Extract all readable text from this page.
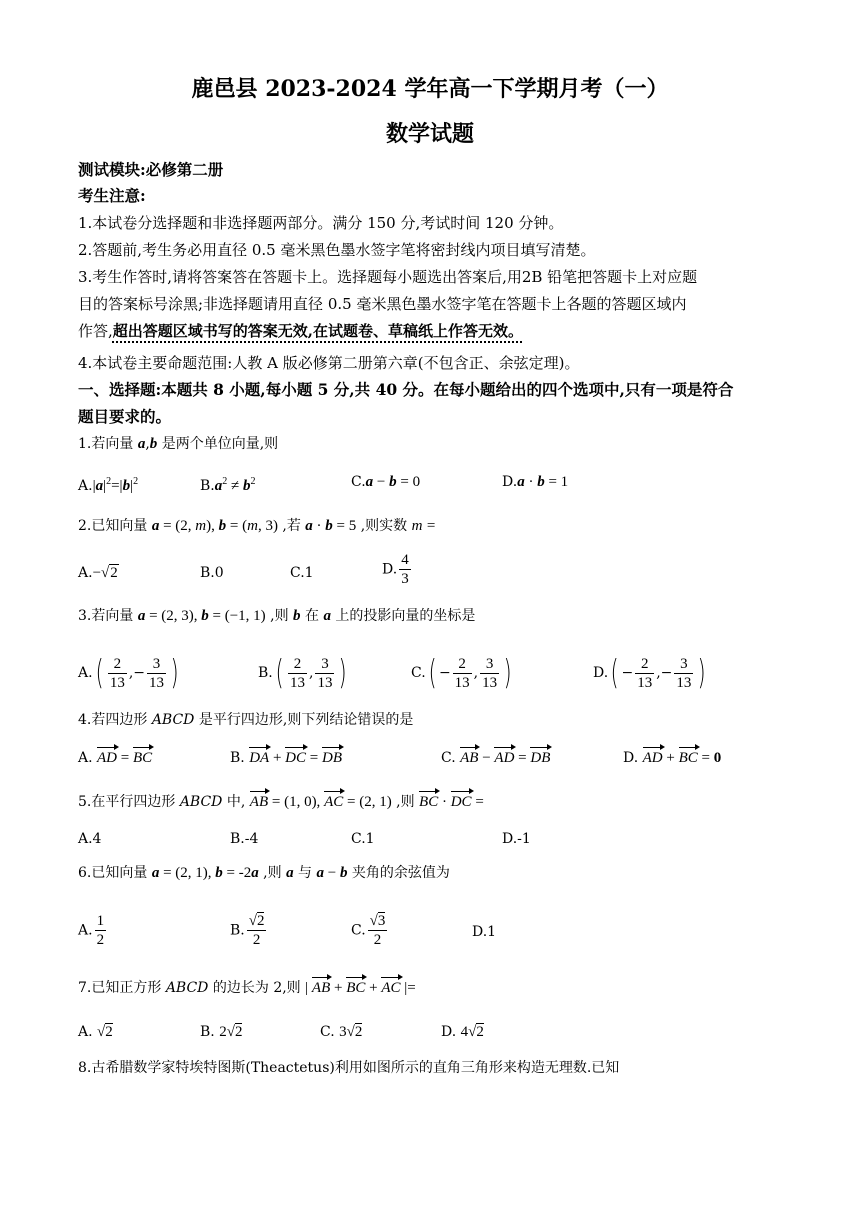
鹿邑县 2023-2024 学年高一下学期月考（一）
数学试题
测试模块:必修第二册
考生注意:
1.本试卷分选择题和非选择题两部分。满分 150 分,考试时间 120 分钟。
2.答题前,考生务必用直径 0.5 毫米黑色墨水签字笔将密封线内项目填写清楚。
3.考生作答时,请将答案答在答题卡上。选择题每小题选出答案后,用2B 铅笔把答题卡上对应题
目的答案标号涂黑;非选择题请用直径 0.5 毫米黑色墨水签字笔在答题卡上各题的答题区域内
作答,超出答题区域书写的答案无效,在试题卷、草稿纸上作答无效。
4.本试卷主要命题范围:人教 A 版必修第二册第六章(不包含正、余弦定理)。
一、选择题:本题共 8 小题,每小题 5 分,共 40 分。在每小题给出的四个选项中,只有一项是符合
题目要求的。
1.若向量 a,b 是两个单位向量,则
$A.|a|^2=|b|^2$	$B.a^2 \ne b^2$	C.a − b = 0	D.a · b = 1
2.已知向量 a = (2, m), b = (m, 3) ,若 a · b = 5 ,则实数 m =
A.−√2	B.0	C.1	D. $\frac{4}{3}$
3.若向量 a = (2, 3), b = (−1, 1) ,则 b 在 a 上的投影向量的坐标是
$A.( \frac{2}{13}$ ,− $\frac{3}{13}$ )	$B.( \frac{2}{13}$ , $\frac{3}{13}$ )	$C.( - \frac{2}{13}$ , $\frac{3}{13}$ )	$D.( - \frac{2}{13}$ ,− $\frac{3}{13}$ )
4.若四边形 ABCD 是平行四边形,则下列结论错误的是
A. AD = BC	B. DA + DC = DB	C. AB − AD = DB	D. AD + BC = 0
5.在平行四边形 ABCD 中, AB = (1, 0), AC = (2, 1) ,则 BC · DC =
A.4	B.-4	C.1	D.-1
6.已知向量 a = (2, 1), b = -2a ,则 a 与 a − b 夹角的余弦值为
A. $\frac{1}{2}$	B. $\frac{√2}{2}$	C. $\frac{√3}{2}$	D.1
7.已知正方形 ABCD 的边长为 2,则 | AB + BC + AC |=
A. √2	B. 2√2	C. 3√2	D. 4√2
8.古希腊数学家特埃特图斯(Theactetus)利用如图所示的直角三角形来构造无理数.已知
